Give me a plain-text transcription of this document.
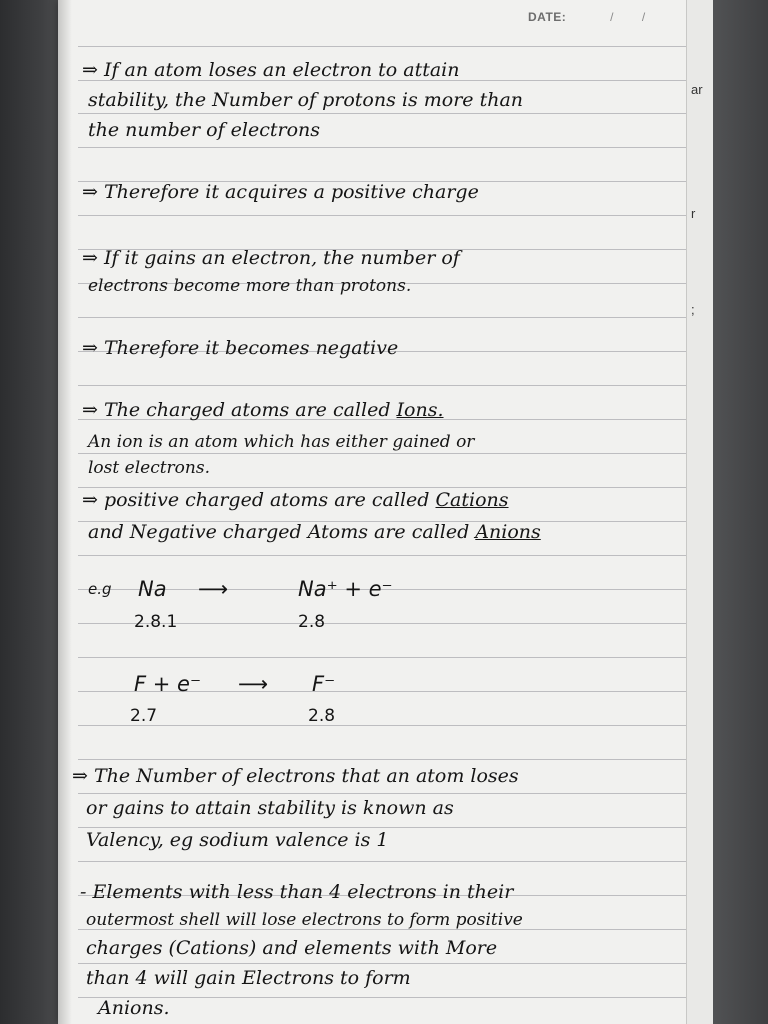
DATE:	/ /
⇒ If an atom loses an electron to attain
stability, the Number of protons is more than
the number of electrons
⇒ Therefore it acquires a positive charge
⇒ If it gains an electron, the number of
electrons become more than protons.
⇒ Therefore it becomes negative
⇒ The charged atoms are called Ions.
An ion is an atom which has either gained or
lost electrons.
⇒ positive charged atoms are called Cations
and Negative charged Atoms are called Anions
e.g Na ⟶	Na⁺ + e⁻
2.8.1	2.8
F + e⁻ ⟶ F⁻
2.7	2.8
⇒ The Number of electrons that an atom loses
or gains to attain stability is known as
Valency, eg sodium valence is 1
- Elements with less than 4 electrons in their
outermost shell will lose electrons to form positive
charges (Cations) and elements with More
than 4 will gain Electrons to form
Anions.
ar
r
;
